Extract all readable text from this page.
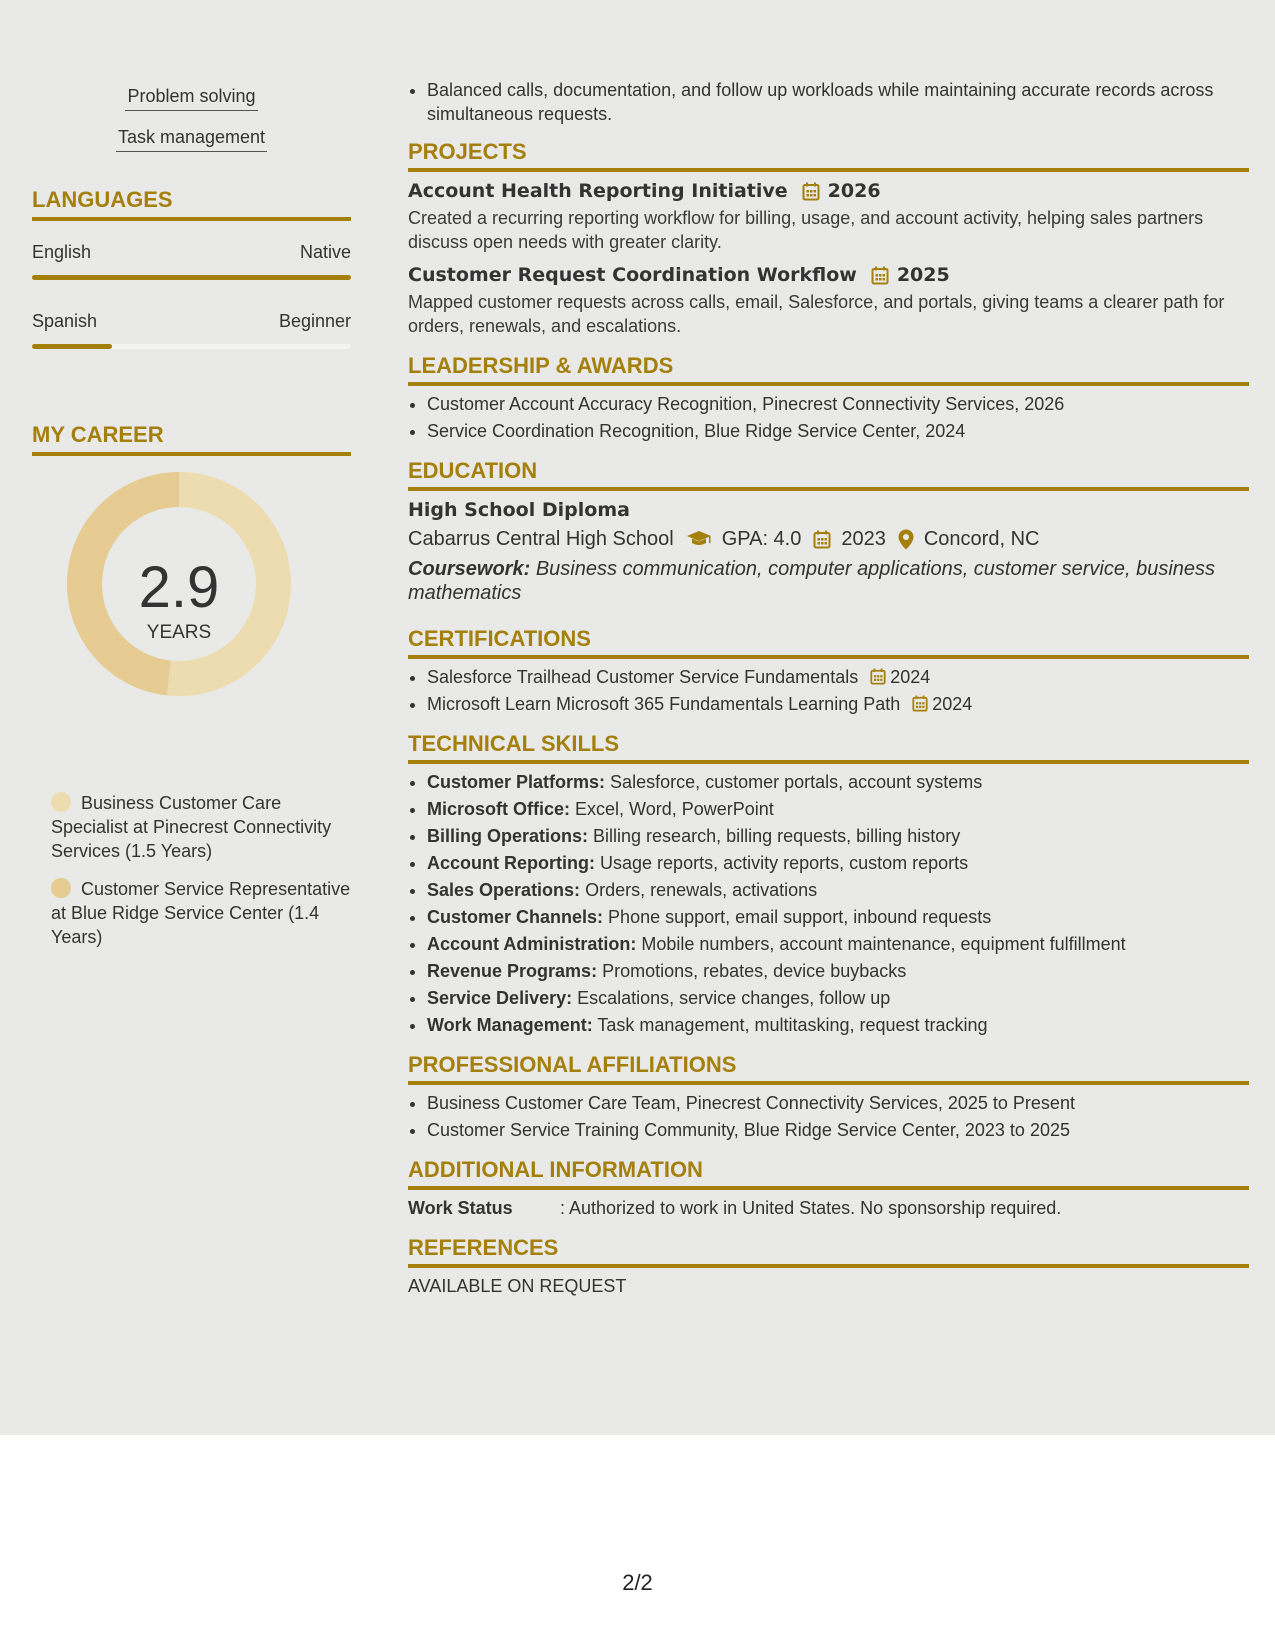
Problem solving
Task management
LANGUAGES
English	Native
Spanish	Beginner
MY CAREER
2.9
YEARS
Business Customer Care Specialist at Pinecrest Connectivity Services (1.5 Years)
Customer Service Representative at Blue Ridge Service Center (1.4 Years)
• Balanced calls, documentation, and follow up workloads while maintaining accurate records across simultaneous requests.
PROJECTS
Account Health Reporting Initiative 2026
Created a recurring reporting workflow for billing, usage, and account activity, helping sales partners discuss open needs with greater clarity.
Customer Request Coordination Workflow 2025
Mapped customer requests across calls, email, Salesforce, and portals, giving teams a clearer path for orders, renewals, and escalations.
LEADERSHIP & AWARDS
• Customer Account Accuracy Recognition, Pinecrest Connectivity Services, 2026
• Service Coordination Recognition, Blue Ridge Service Center, 2024
EDUCATION
High School Diploma
Cabarrus Central High School GPA: 4.0 2023 Concord, NC
Coursework: Business communication, computer applications, customer service, business mathematics
CERTIFICATIONS
• Salesforce Trailhead Customer Service Fundamentals 2024
• Microsoft Learn Microsoft 365 Fundamentals Learning Path 2024
TECHNICAL SKILLS
• Customer Platforms: Salesforce, customer portals, account systems
• Microsoft Office: Excel, Word, PowerPoint
• Billing Operations: Billing research, billing requests, billing history
• Account Reporting: Usage reports, activity reports, custom reports
• Sales Operations: Orders, renewals, activations
• Customer Channels: Phone support, email support, inbound requests
• Account Administration: Mobile numbers, account maintenance, equipment fulfillment
• Revenue Programs: Promotions, rebates, device buybacks
• Service Delivery: Escalations, service changes, follow up
• Work Management: Task management, multitasking, request tracking
PROFESSIONAL AFFILIATIONS
• Business Customer Care Team, Pinecrest Connectivity Services, 2025 to Present
• Customer Service Training Community, Blue Ridge Service Center, 2023 to 2025
ADDITIONAL INFORMATION
Work Status	: Authorized to work in United States. No sponsorship required.
REFERENCES
AVAILABLE ON REQUEST
2/2
